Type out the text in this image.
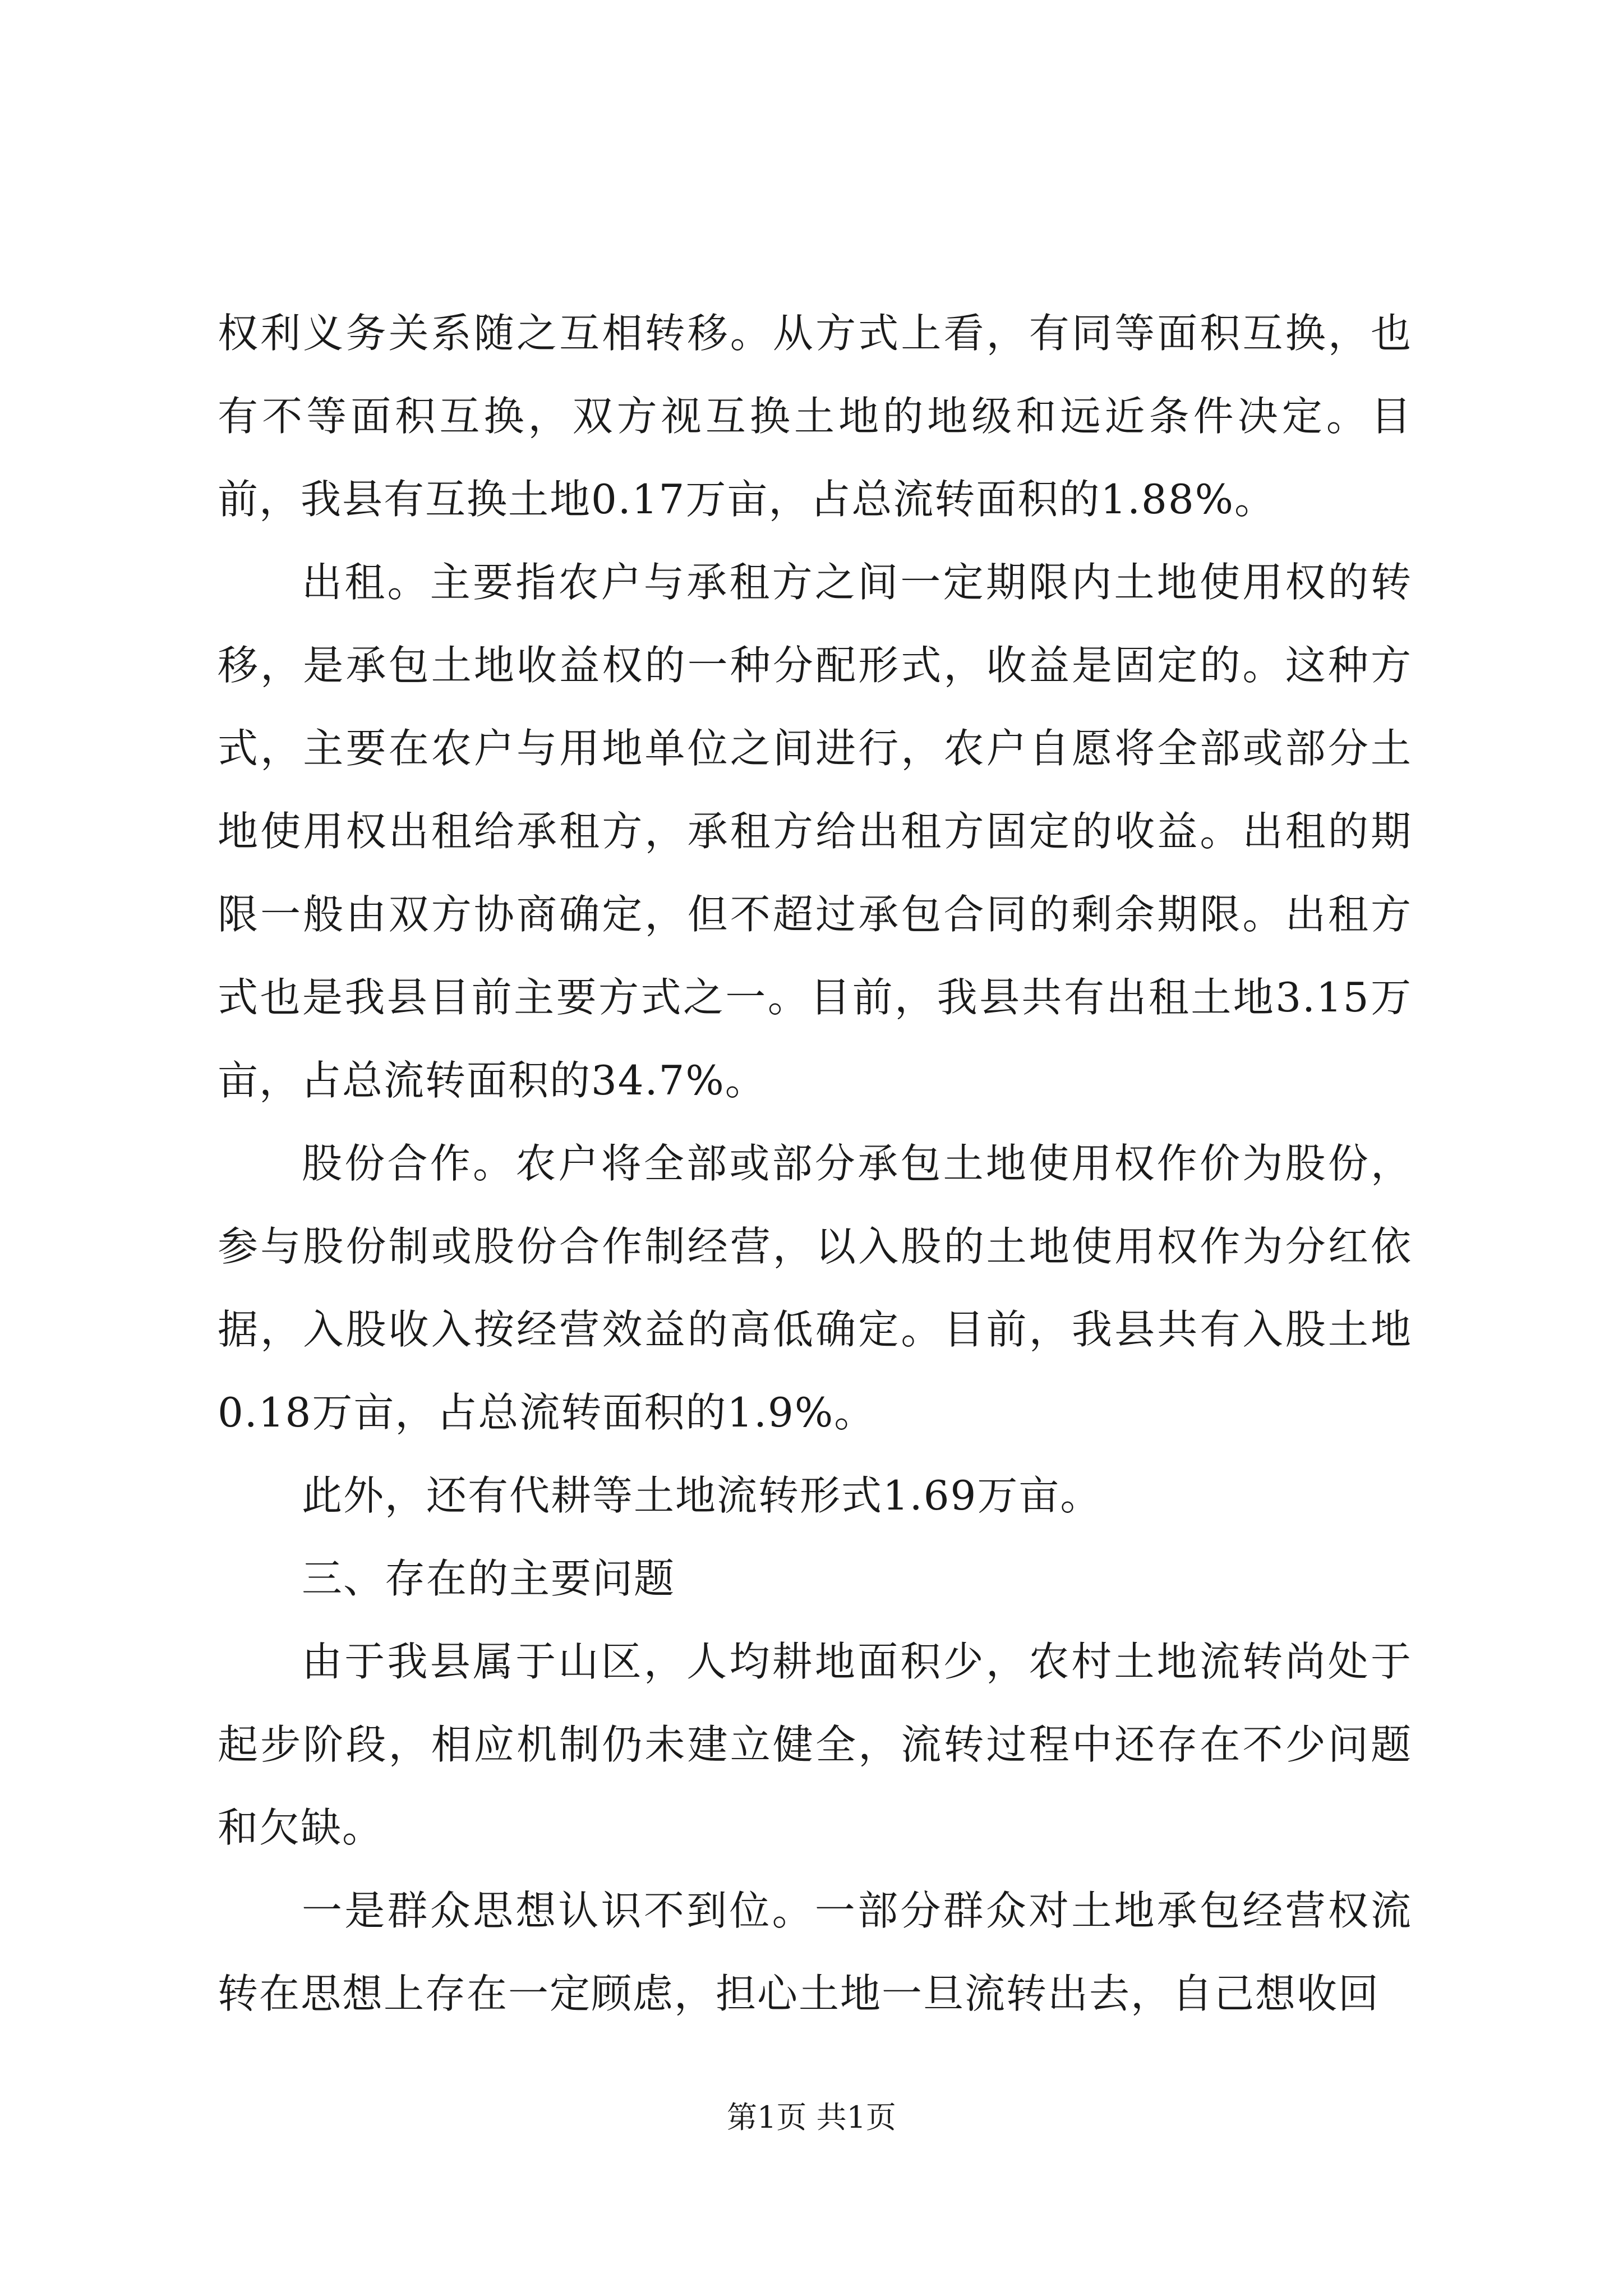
权利义务关系随之互相转移。从方式上看，有同等面积互换，也有不等面积互换，双方视互换土地的地级和远近条件决定。目前，我县有互换土地0.17万亩，占总流转面积的1.88%。

出租。主要指农户与承租方之间一定期限内土地使用权的转移，是承包土地收益权的一种分配形式，收益是固定的。这种方式，主要在农户与用地单位之间进行，农户自愿将全部或部分土地使用权出租给承租方，承租方给出租方固定的收益。出租的期限一般由双方协商确定，但不超过承包合同的剩余期限。出租方式也是我县目前主要方式之一。目前，我县共有出租土地3.15万亩，占总流转面积的34.7%。

股份合作。农户将全部或部分承包土地使用权作价为股份，参与股份制或股份合作制经营，以入股的土地使用权作为分红依据，入股收入按经营效益的高低确定。目前，我县共有入股土地0.18万亩，占总流转面积的1.9%。

此外，还有代耕等土地流转形式1.69万亩。

三、存在的主要问题

由于我县属于山区，人均耕地面积少，农村土地流转尚处于起步阶段，相应机制仍未建立健全，流转过程中还存在不少问题和欠缺。

一是群众思想认识不到位。一部分群众对土地承包经营权流转在思想上存在一定顾虑，担心土地一旦流转出去，自己想收回

第1页 共1页
